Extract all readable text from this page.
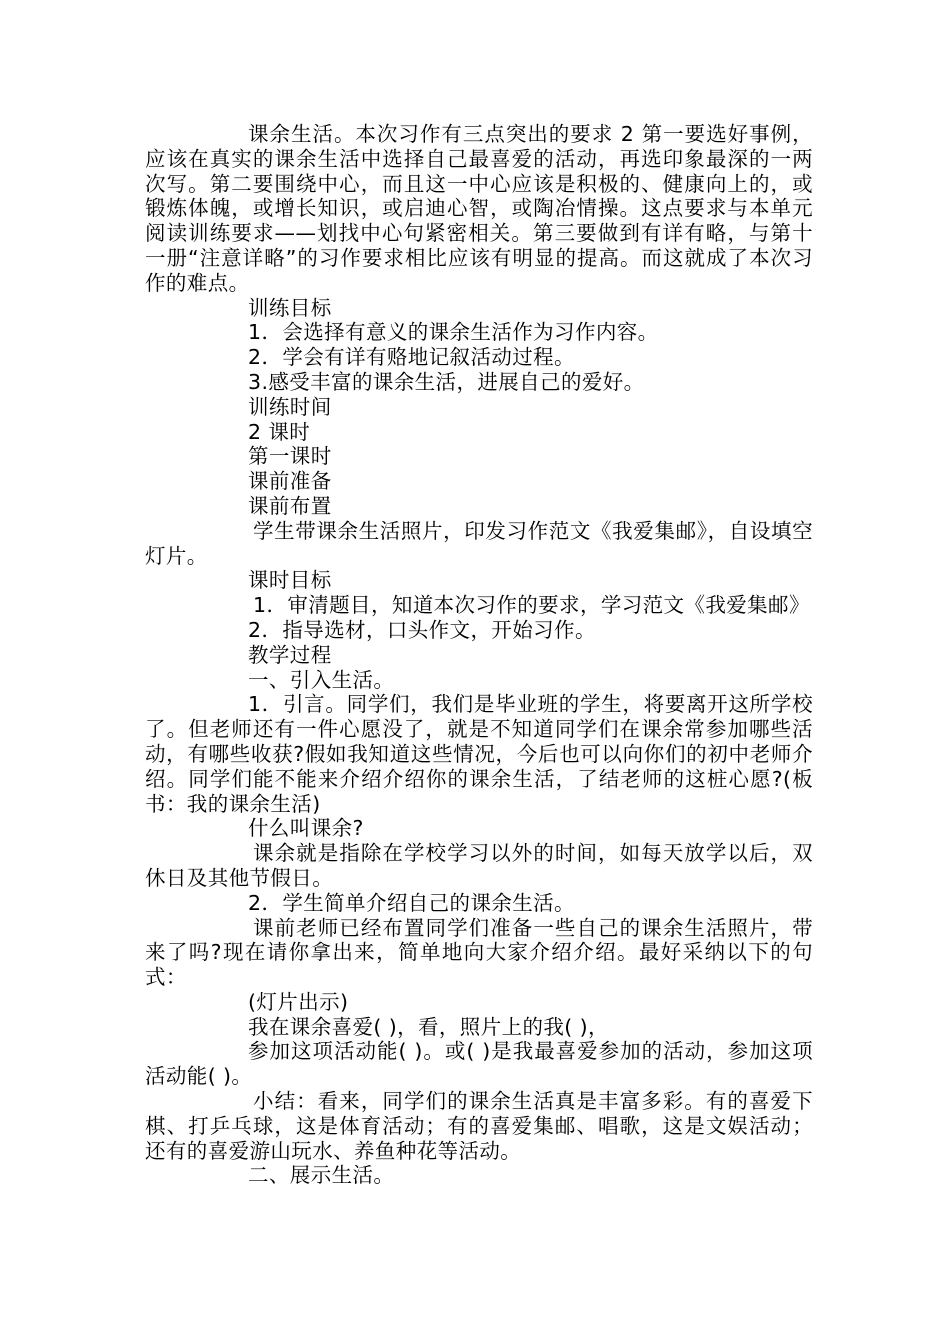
课余生活。本次习作有三点突出的要求 2 第一要选好事例，应该在真实的课余生活中选择自己最喜爱的活动，再选印象最深的一两次写。第二要围绕中心，而且这一中心应该是积极的、健康向上的，或锻炼体魄，或增长知识，或启迪心智，或陶冶情操。这点要求与本单元阅读训练要求——划找中心句紧密相关。第三要做到有详有略，与第十一册“注意详略”的习作要求相比应该有明显的提高。而这就成了本次习作的难点。

训练目标
1．会选择有意义的课余生活作为习作内容。
2．学会有详有赂地记叙活动过程。
3.感受丰富的课余生活，进展自己的爱好。
训练时间
2 课时
第一课时
课前准备
课前布置

学生带课余生活照片，印发习作范文《我爱集邮》，自设填空灯片。

课时目标

1．审清题目，知道本次习作的要求，学习范文《我爱集邮》

2．指导选材，口头作文，开始习作。
教学过程
一、引入生活。

1．引言。同学们，我们是毕业班的学生，将要离开这所学校了。但老师还有一件心愿没了，就是不知道同学们在课余常参加哪些活动，有哪些收获?假如我知道这些情况，今后也可以向你们的初中老师介绍。同学们能不能来介绍介绍你的课余生活，了结老师的这桩心愿?(板书：我的课余生活)

什么叫课余?

课余就是指除在学校学习以外的时间，如每天放学以后，双休日及其他节假日。

2．学生简单介绍自己的课余生活。

课前老师已经布置同学们准备一些自己的课余生活照片，带来了吗?现在请你拿出来，简单地向大家介绍介绍。最好采纳以下的句式：

(灯片出示)
我在课余喜爱( )，看，照片上的我( )，

参加这项活动能( )。或( )是我最喜爱参加的活动，参加这项活动能( )。

小结：看来，同学们的课余生活真是丰富多彩。有的喜爱下棋、打乒乓球，这是体育活动；有的喜爱集邮、唱歌，这是文娱活动；还有的喜爱游山玩水、养鱼种花等活动。

二、展示生活。
